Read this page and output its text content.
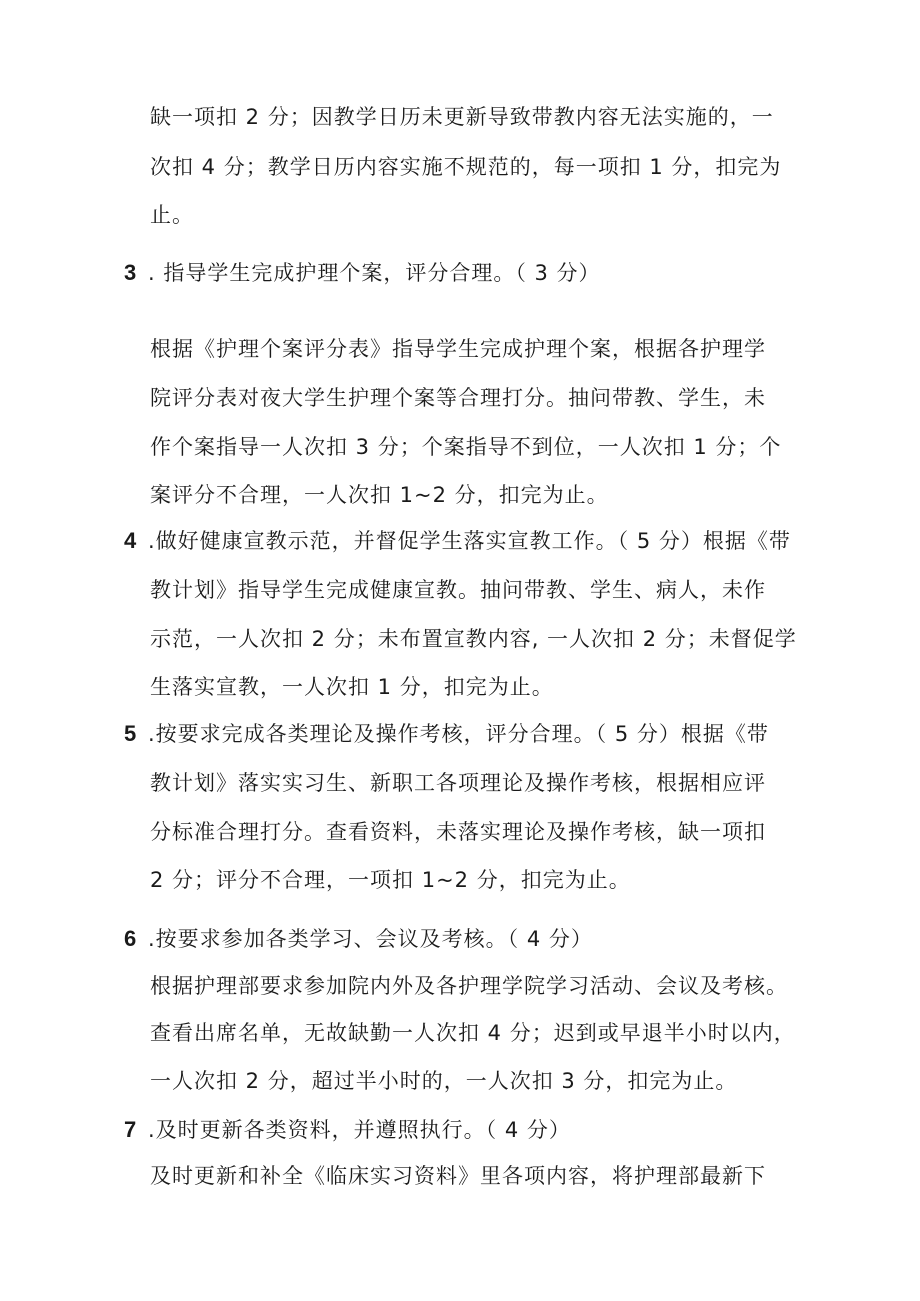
缺一项扣 2 分；因教学日历未更新导致带教内容无法实施的，一
次扣 4 分；教学日历内容实施不规范的，每一项扣 1 分，扣完为
止。
3 . 指导学生完成护理个案，评分合理。（ 3 分）
根据《护理个案评分表》指导学生完成护理个案，根据各护理学
院评分表对夜大学生护理个案等合理打分。抽问带教、学生，未
作个案指导一人次扣 3 分；个案指导不到位，一人次扣 1 分；个
案评分不合理，一人次扣 1~2 分，扣完为止。
4 .做好健康宣教示范，并督促学生落实宣教工作。（ 5 分）根据《带
教计划》指导学生完成健康宣教。抽问带教、学生、病人，未作
示范，一人次扣 2 分；未布置宣教内容, 一人次扣 2 分；未督促学
生落实宣教，一人次扣 1 分，扣完为止。
5 .按要求完成各类理论及操作考核，评分合理。（ 5 分）根据《带
教计划》落实实习生、新职工各项理论及操作考核，根据相应评
分标准合理打分。查看资料，未落实理论及操作考核，缺一项扣
2 分；评分不合理，一项扣 1~2 分，扣完为止。
6 .按要求参加各类学习、会议及考核。（ 4 分）
根据护理部要求参加院内外及各护理学院学习活动、会议及考核。
查看出席名单，无故缺勤一人次扣 4 分；迟到或早退半小时以内，
一人次扣 2 分，超过半小时的，一人次扣 3 分，扣完为止。
7 .及时更新各类资料，并遵照执行。（ 4 分）
及时更新和补全《临床实习资料》里各项内容，将护理部最新下
